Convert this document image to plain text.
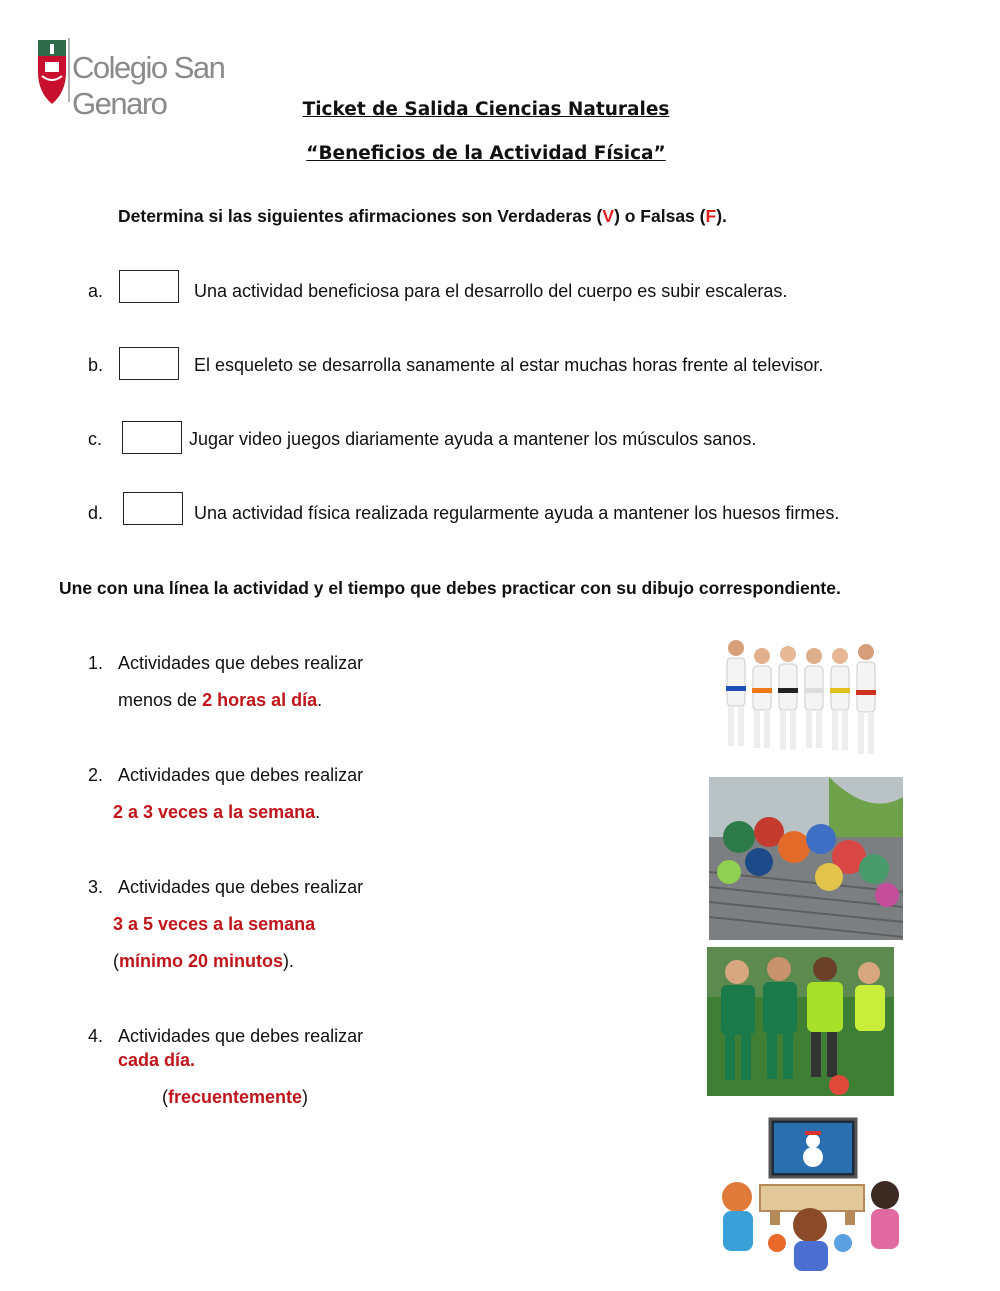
Colegio San Genaro	Ticket de Salida Ciencias Naturales
“Beneficios de la Actividad Física”
Determina si las siguientes afirmaciones son Verdaderas (V) o Falsas (F).
a.	Una actividad beneficiosa para el desarrollo del cuerpo es subir escaleras.
b.	El esqueleto se desarrolla sanamente al estar muchas horas frente al televisor.
c.	Jugar video juegos diariamente ayuda a mantener los músculos sanos.
d.	Una actividad física realizada regularmente ayuda a mantener los huesos firmes.
Une con una línea la actividad y el tiempo que debes practicar con su dibujo correspondiente.
1. Actividades que debes realizar
menos de 2 horas al día.
2. Actividades que debes realizar
2 a 3 veces a la semana.
3. Actividades que debes realizar
3 a 5 veces a la semana
(mínimo 20 minutos).
4. Actividades que debes realizar
cada día.
(frecuentemente)
